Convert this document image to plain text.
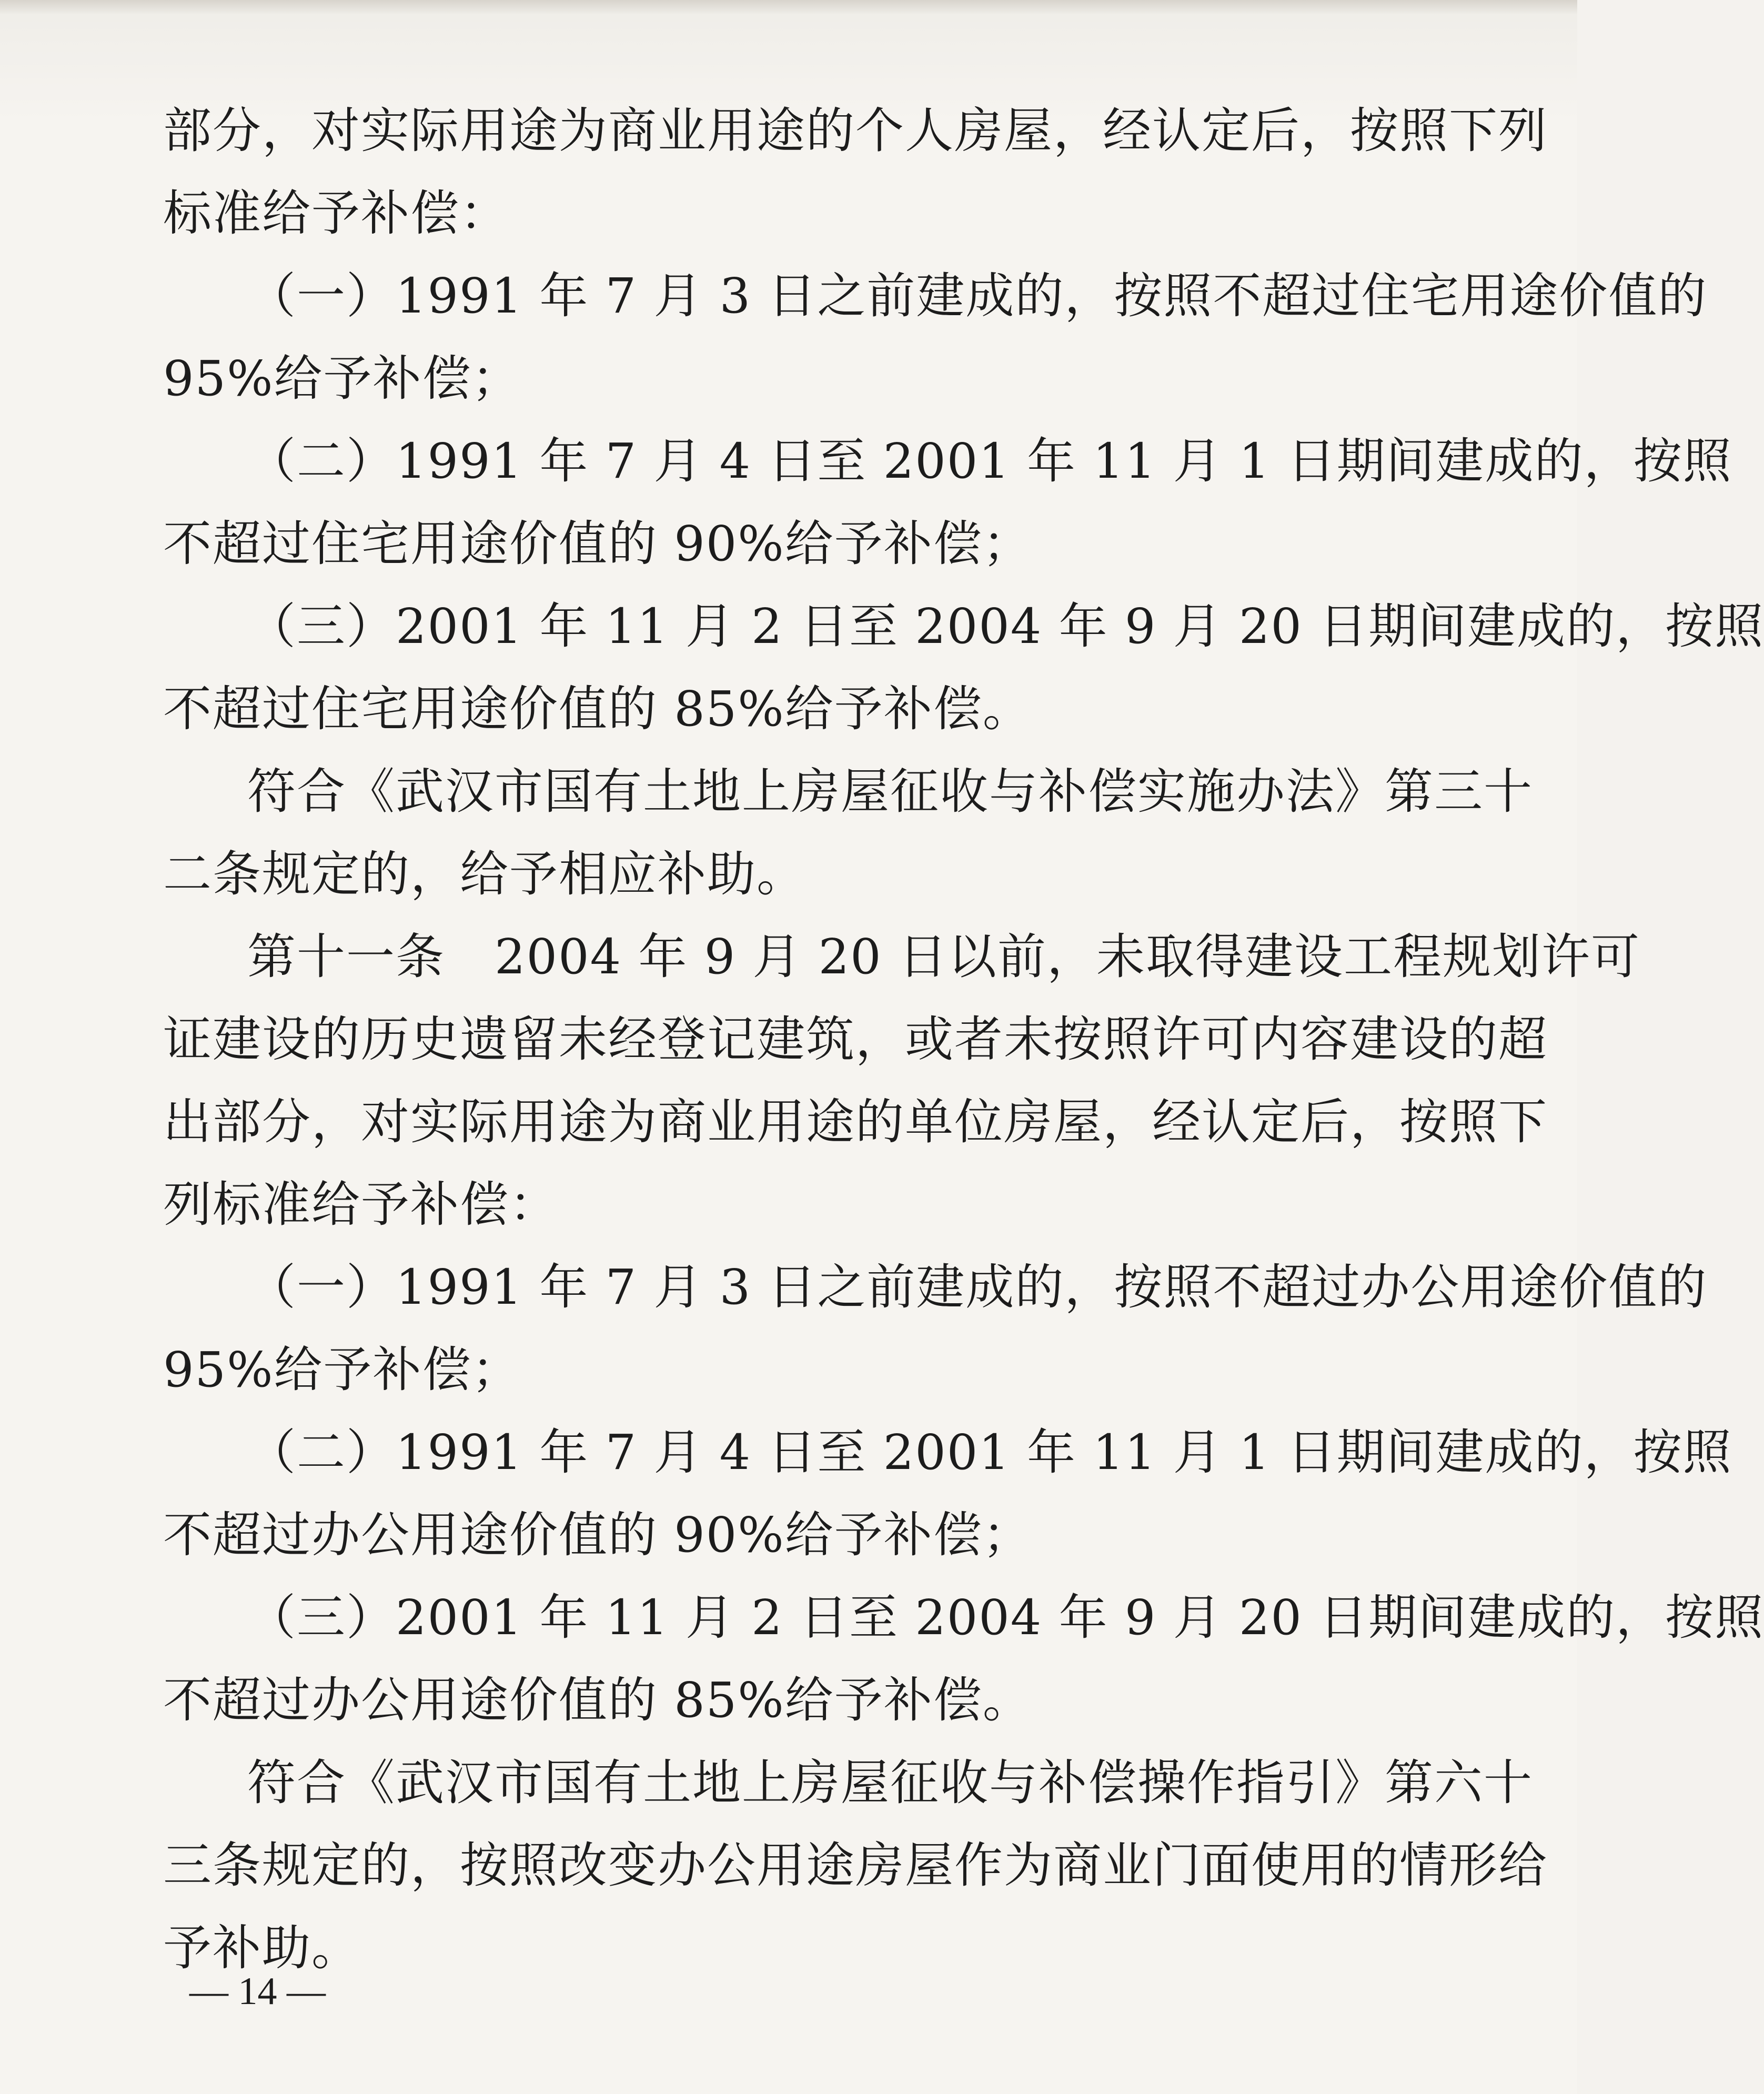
部分，对实际用途为商业用途的个人房屋，经认定后，按照下列
标准给予补偿：
（一）1991 年 7 月 3 日之前建成的，按照不超过住宅用途价值的
95%给予补偿；
（二）1991 年 7 月 4 日至 2001 年 11 月 1 日期间建成的，按照
不超过住宅用途价值的 90%给予补偿；
（三）2001 年 11 月 2 日至 2004 年 9 月 20 日期间建成的，按照
不超过住宅用途价值的 85%给予补偿。
符合《武汉市国有土地上房屋征收与补偿实施办法》第三十
二条规定的，给予相应补助。
第十一条　2004 年 9 月 20 日以前，未取得建设工程规划许可
证建设的历史遗留未经登记建筑，或者未按照许可内容建设的超
出部分，对实际用途为商业用途的单位房屋，经认定后，按照下
列标准给予补偿：
（一）1991 年 7 月 3 日之前建成的，按照不超过办公用途价值的
95%给予补偿；
（二）1991 年 7 月 4 日至 2001 年 11 月 1 日期间建成的，按照
不超过办公用途价值的 90%给予补偿；
（三）2001 年 11 月 2 日至 2004 年 9 月 20 日期间建成的，按照
不超过办公用途价值的 85%给予补偿。
符合《武汉市国有土地上房屋征收与补偿操作指引》第六十
三条规定的，按照改变办公用途房屋作为商业门面使用的情形给
予补助。
— 14 —
